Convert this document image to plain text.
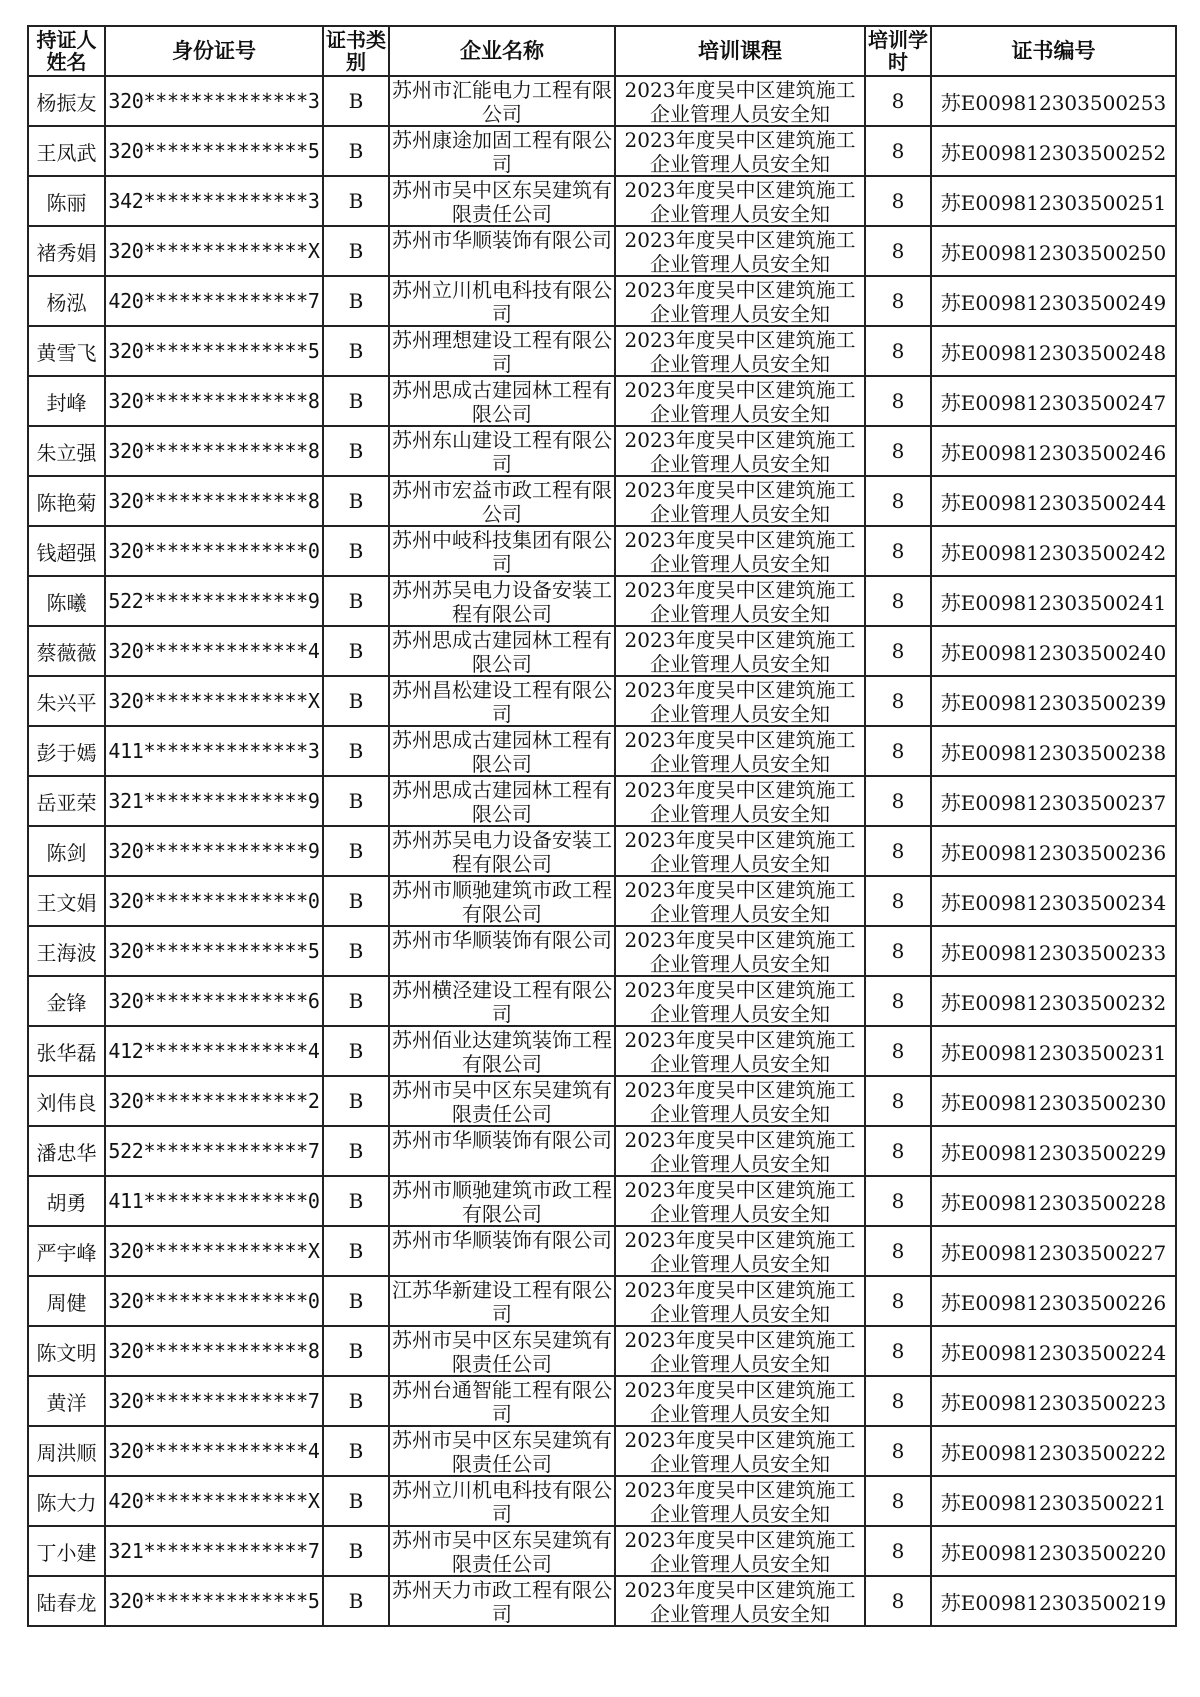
持证人姓名	身份证号	证书类别	企业名称	培训课程	培训学时	证书编号
杨振友	320**************3	B	苏州市汇能电力工程有限公司	2023年度吴中区建筑施工企业管理人员安全知	8	苏E009812303500253
王凤武	320**************5	B	苏州康途加固工程有限公司	2023年度吴中区建筑施工企业管理人员安全知	8	苏E009812303500252
陈丽	342**************3	B	苏州市吴中区东吴建筑有限责任公司	2023年度吴中区建筑施工企业管理人员安全知	8	苏E009812303500251
褚秀娟	320**************X	B	苏州市华顺装饰有限公司	2023年度吴中区建筑施工企业管理人员安全知	8	苏E009812303500250
杨泓	420**************7	B	苏州立川机电科技有限公司	2023年度吴中区建筑施工企业管理人员安全知	8	苏E009812303500249
黄雪飞	320**************5	B	苏州理想建设工程有限公司	2023年度吴中区建筑施工企业管理人员安全知	8	苏E009812303500248
封峰	320**************8	B	苏州思成古建园林工程有限公司	2023年度吴中区建筑施工企业管理人员安全知	8	苏E009812303500247
朱立强	320**************8	B	苏州东山建设工程有限公司	2023年度吴中区建筑施工企业管理人员安全知	8	苏E009812303500246
陈艳菊	320**************8	B	苏州市宏益市政工程有限公司	2023年度吴中区建筑施工企业管理人员安全知	8	苏E009812303500244
钱超强	320**************0	B	苏州中岐科技集团有限公司	2023年度吴中区建筑施工企业管理人员安全知	8	苏E009812303500242
陈曦	522**************9	B	苏州苏吴电力设备安装工程有限公司	2023年度吴中区建筑施工企业管理人员安全知	8	苏E009812303500241
蔡薇薇	320**************4	B	苏州思成古建园林工程有限公司	2023年度吴中区建筑施工企业管理人员安全知	8	苏E009812303500240
朱兴平	320**************X	B	苏州昌松建设工程有限公司	2023年度吴中区建筑施工企业管理人员安全知	8	苏E009812303500239
彭于嫣	411**************3	B	苏州思成古建园林工程有限公司	2023年度吴中区建筑施工企业管理人员安全知	8	苏E009812303500238
岳亚荣	321**************9	B	苏州思成古建园林工程有限公司	2023年度吴中区建筑施工企业管理人员安全知	8	苏E009812303500237
陈剑	320**************9	B	苏州苏吴电力设备安装工程有限公司	2023年度吴中区建筑施工企业管理人员安全知	8	苏E009812303500236
王文娟	320**************0	B	苏州市顺驰建筑市政工程有限公司	2023年度吴中区建筑施工企业管理人员安全知	8	苏E009812303500234
王海波	320**************5	B	苏州市华顺装饰有限公司	2023年度吴中区建筑施工企业管理人员安全知	8	苏E009812303500233
金锋	320**************6	B	苏州横泾建设工程有限公司	2023年度吴中区建筑施工企业管理人员安全知	8	苏E009812303500232
张华磊	412**************4	B	苏州佰业达建筑装饰工程有限公司	2023年度吴中区建筑施工企业管理人员安全知	8	苏E009812303500231
刘伟良	320**************2	B	苏州市吴中区东吴建筑有限责任公司	2023年度吴中区建筑施工企业管理人员安全知	8	苏E009812303500230
潘忠华	522**************7	B	苏州市华顺装饰有限公司	2023年度吴中区建筑施工企业管理人员安全知	8	苏E009812303500229
胡勇	411**************0	B	苏州市顺驰建筑市政工程有限公司	2023年度吴中区建筑施工企业管理人员安全知	8	苏E009812303500228
严宇峰	320**************X	B	苏州市华顺装饰有限公司	2023年度吴中区建筑施工企业管理人员安全知	8	苏E009812303500227
周健	320**************0	B	江苏华新建设工程有限公司	2023年度吴中区建筑施工企业管理人员安全知	8	苏E009812303500226
陈文明	320**************8	B	苏州市吴中区东吴建筑有限责任公司	2023年度吴中区建筑施工企业管理人员安全知	8	苏E009812303500224
黄洋	320**************7	B	苏州台通智能工程有限公司	2023年度吴中区建筑施工企业管理人员安全知	8	苏E009812303500223
周洪顺	320**************4	B	苏州市吴中区东吴建筑有限责任公司	2023年度吴中区建筑施工企业管理人员安全知	8	苏E009812303500222
陈大力	420**************X	B	苏州立川机电科技有限公司	2023年度吴中区建筑施工企业管理人员安全知	8	苏E009812303500221
丁小建	321**************7	B	苏州市吴中区东吴建筑有限责任公司	2023年度吴中区建筑施工企业管理人员安全知	8	苏E009812303500220
陆春龙	320**************5	B	苏州天力市政工程有限公司	2023年度吴中区建筑施工企业管理人员安全知	8	苏E009812303500219
